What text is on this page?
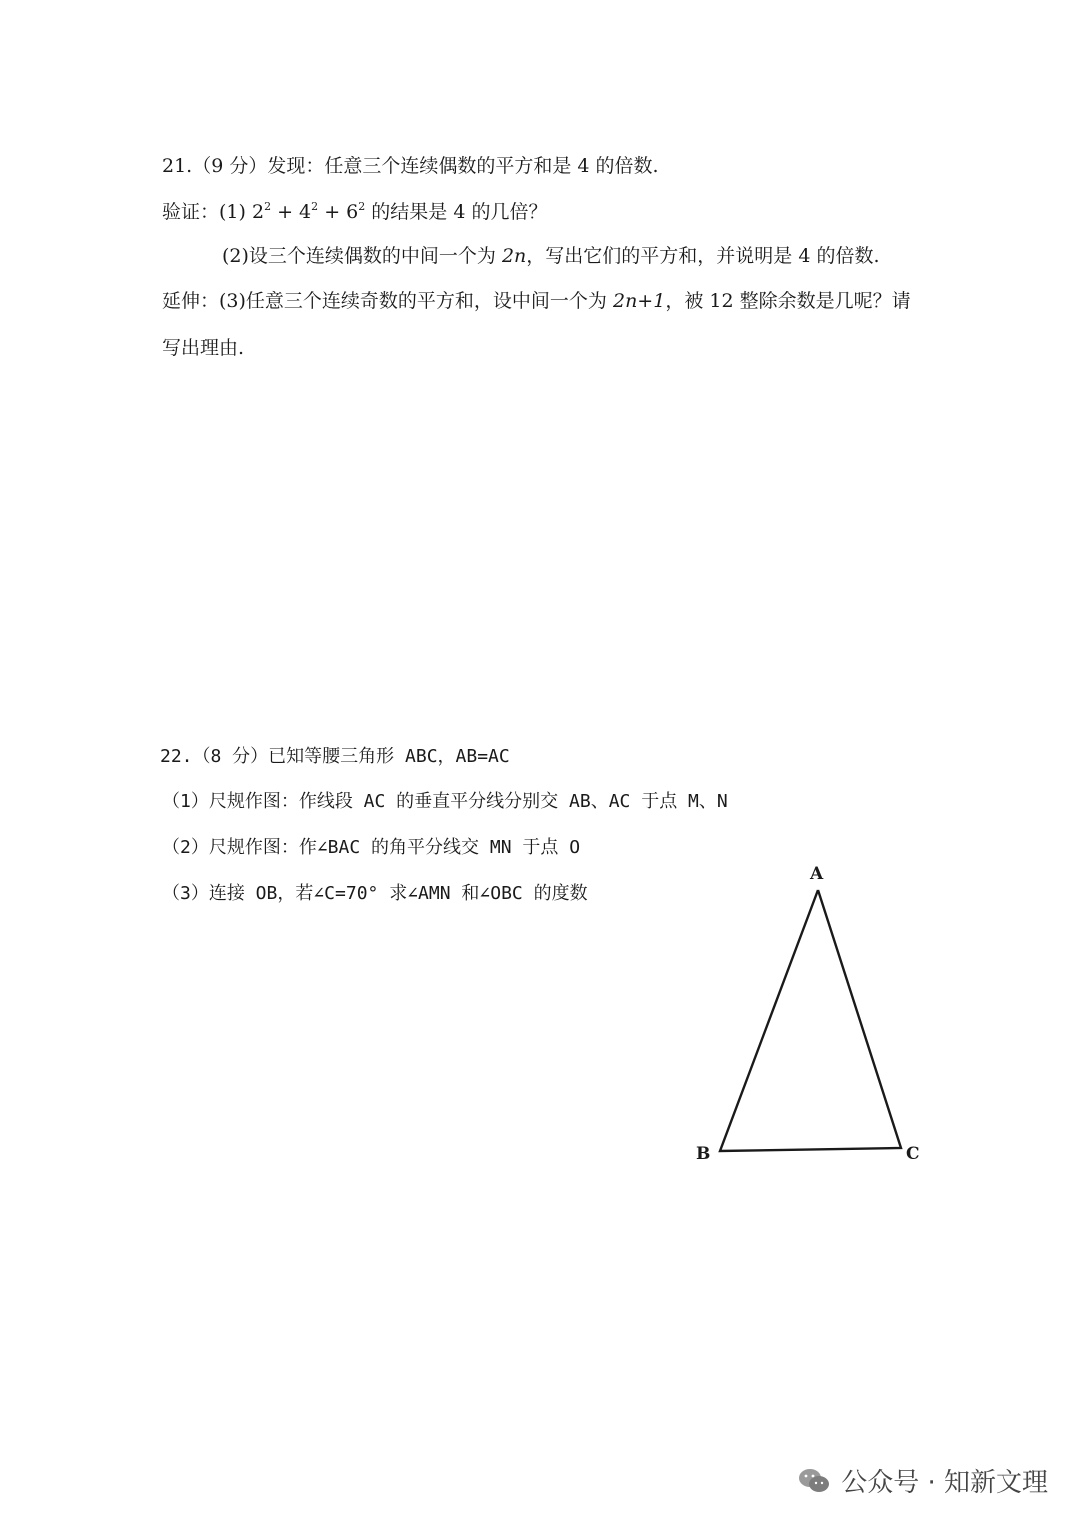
21.（9 分）发现：任意三个连续偶数的平方和是 4 的倍数.
验证：(1) $2^2 + 4^2 + 6^2$ 的结果是 4 的几倍？
(2)设三个连续偶数的中间一个为 2n，写出它们的平方和，并说明是 4 的倍数.
延伸：(3)任意三个连续奇数的平方和，设中间一个为 2n+1，被 12 整除余数是几呢？请
写出理由.
22.（8 分）已知等腰三角形 ABC，AB=AC
（1）尺规作图：作线段 AC 的垂直平分线分别交 AB、AC 于点 M、N
（2）尺规作图：作∠BAC 的角平分线交 MN 于点 O
（3）连接 OB，若∠C=70° 求∠AMN 和∠OBC 的度数
A
B	C
公众号 · 知新文理
